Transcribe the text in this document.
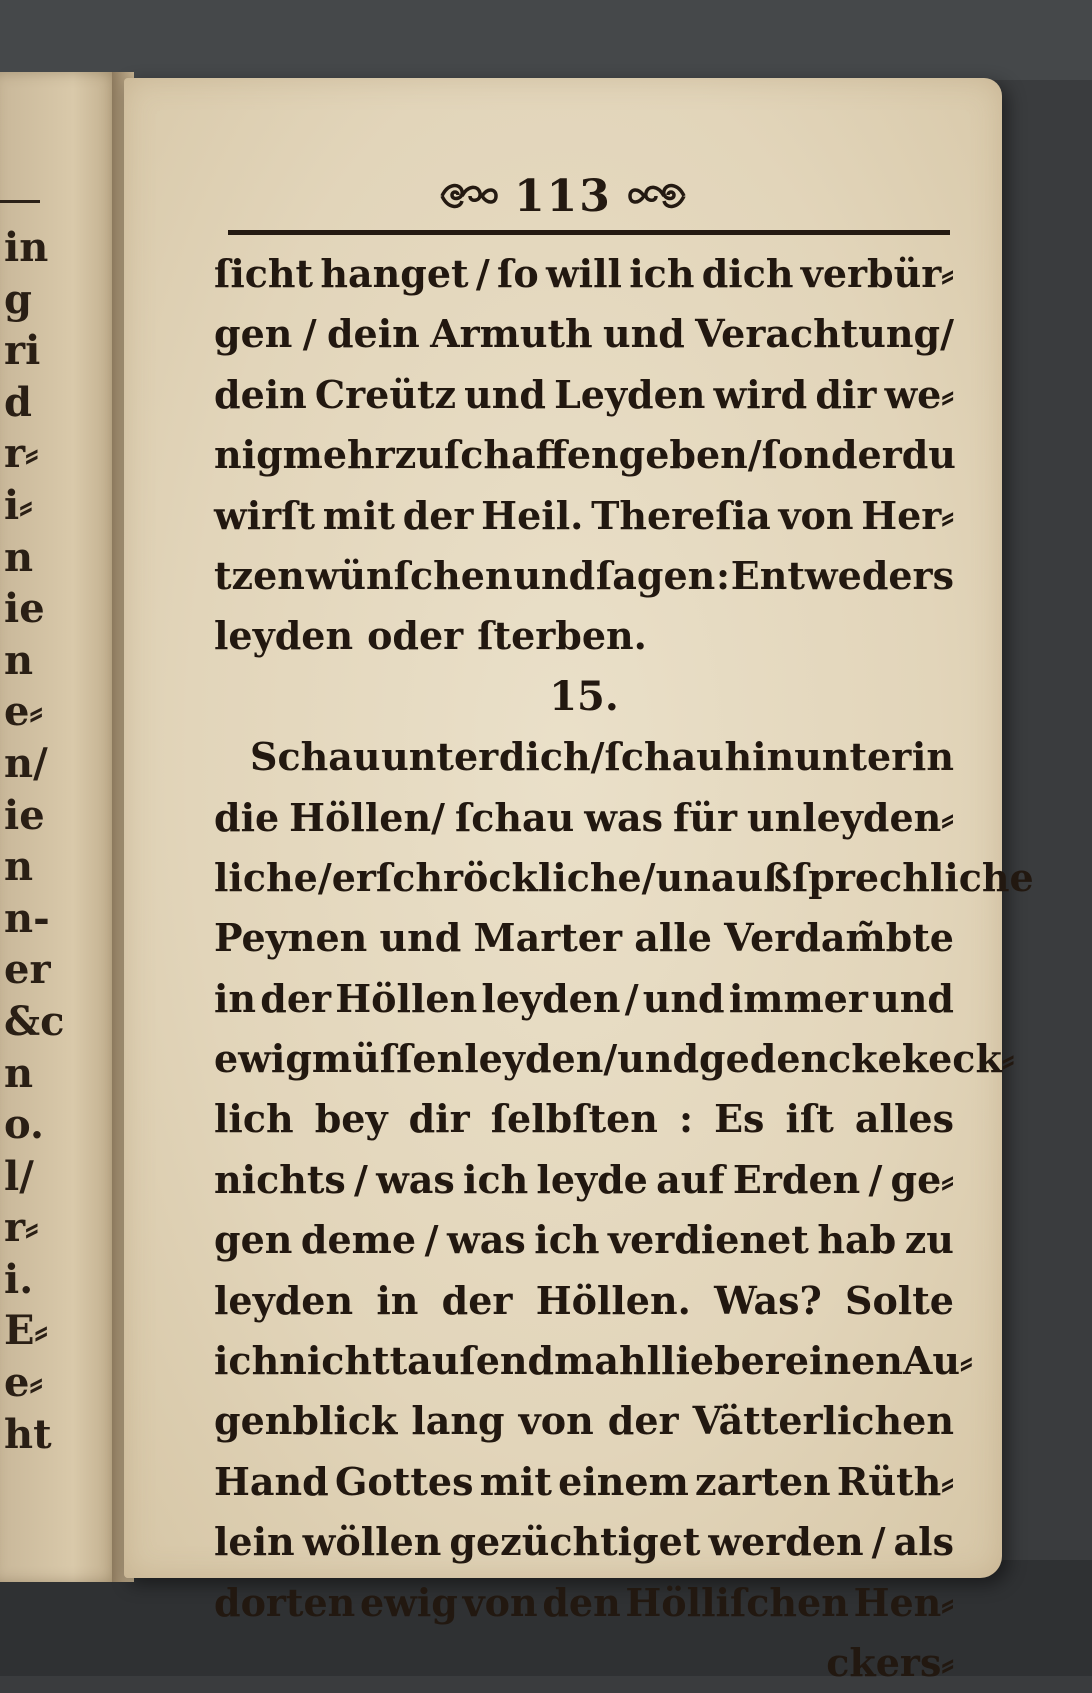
in
g
ri
d
r⸗
i⸗
n
ie
n
e⸗
n/
ie
n
n-
er
&c
n
o.
l/
r⸗
i.
E⸗
e⸗
ht
113
ſicht hanget / ſo will ich dich verbür⸗
gen / dein Armuth und Verachtung/
dein Creütz und Leyden wird dir we⸗
nig mehr zuſchaffen geben / ſonder du
wirſt mit der Heil. Thereſia von Her⸗
tzen wünſchen und ſagen : Entweders
leyden oder ſterben.
15.
Schau unter dich/ſchau hinunter in
die Höllen/ ſchau was für unleyden⸗
liche / erſchröckliche/ unaußſprechliche
Peynen und Marter alle Verdam̃bte
in der Höllen leyden / und immer und
ewig müſſen leyden/und gedencke keck⸗
lich bey dir ſelbſten : Es iſt alles
nichts / was ich leyde auf Erden / ge⸗
gen deme / was ich verdienet hab zu
leyden in der Höllen. Was? Solte
ich nicht tauſendmahl lieber einen Au⸗
genblick lang von der Vätterlichen
Hand Gottes mit einem zarten Rüth⸗
lein wöllen gezüchtiget werden / als
dorten ewig von den Hölliſchen Hen⸗
ckers⸗
